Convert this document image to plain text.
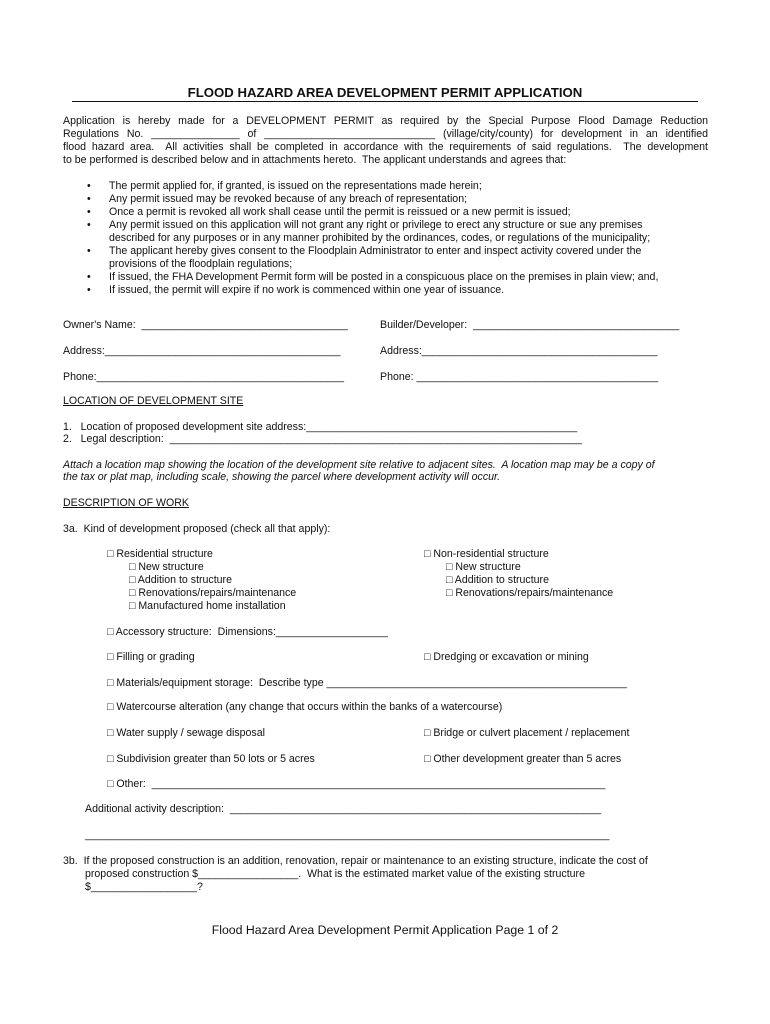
FLOOD HAZARD AREA DEVELOPMENT PERMIT APPLICATION
Application is hereby made for a DEVELOPMENT PERMIT as required by the Special Purpose Flood Damage Reduction
Regulations No. _______________ of _____________________________ (village/city/county) for development in an identified
flood hazard area.  All activities shall be completed in accordance with the requirements of said regulations.  The development
to be performed is described below and in attachments hereto.  The applicant understands and agrees that:
• The permit applied for, if granted, is issued on the representations made herein;
• Any permit issued may be revoked because of any breach of representation;
• Once a permit is revoked all work shall cease until the permit is reissued or a new permit is issued;
• Any permit issued on this application will not grant any right or privilege to erect any structure or sue any premises
described for any purposes or in any manner prohibited by the ordinances, codes, or regulations of the municipality;
• The applicant hereby gives consent to the Floodplain Administrator to enter and inspect activity covered under the
provisions of the floodplain regulations;
• If issued, the FHA Development Permit form will be posted in a conspicuous place on the premises in plain view; and,
• If issued, the permit will expire if no work is commenced within one year of issuance.
Owner's Name:  ___________________________________	Builder/Developer:  ___________________________________
Address:________________________________________	Address:________________________________________
Phone:__________________________________________	Phone: _________________________________________
LOCATION OF DEVELOPMENT SITE
1.   Location of proposed development site address:______________________________________________
2.   Legal description:  ______________________________________________________________________
Attach a location map showing the location of the development site relative to adjacent sites.  A location map may be a copy of
the tax or plat map, including scale, showing the parcel where development activity will occur.
DESCRIPTION OF WORK
3a.  Kind of development proposed (check all that apply):
□ Residential structure
□ New structure
□ Addition to structure
□ Renovations/repairs/maintenance
□ Manufactured home installation
□ Non-residential structure
□ New structure
□ Addition to structure
□ Renovations/repairs/maintenance
□ Accessory structure:  Dimensions:___________________
□ Filling or grading	□ Dredging or excavation or mining
□ Materials/equipment storage:  Describe type ___________________________________________________
□ Watercourse alteration (any change that occurs within the banks of a watercourse)
□ Water supply / sewage disposal	□ Bridge or culvert placement / replacement
□ Subdivision greater than 50 lots or 5 acres	□ Other development greater than 5 acres
□ Other:  _____________________________________________________________________________
Additional activity description:  _______________________________________________________________
_________________________________________________________________________________________
3b.  If the proposed construction is an addition, renovation, repair or maintenance to an existing structure, indicate the cost of
proposed construction $_________________.  What is the estimated market value of the existing structure
$__________________?
Flood Hazard Area Development Permit Application Page 1 of 2
